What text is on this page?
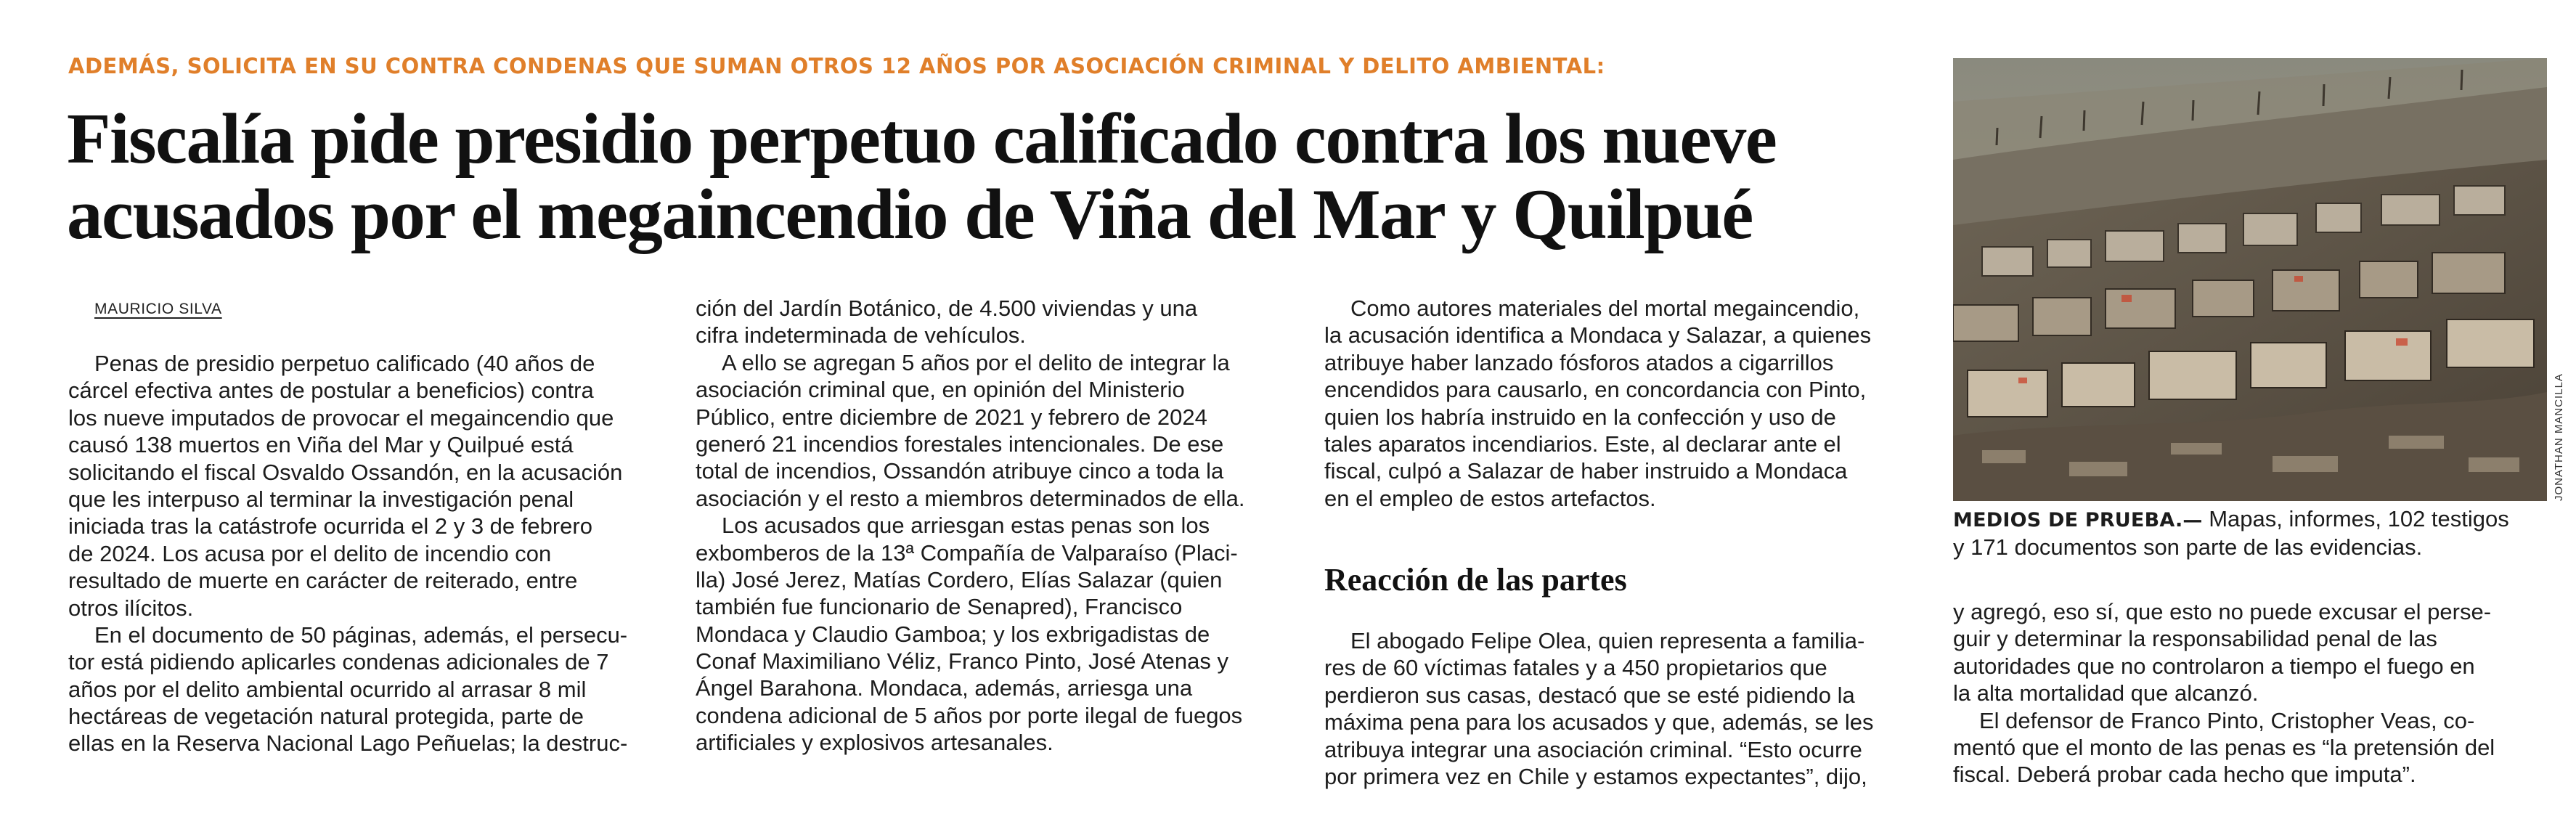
ADEMÁS, SOLICITA EN SU CONTRA CONDENAS QUE SUMAN OTROS 12 AÑOS POR ASOCIACIÓN CRIMINAL Y DELITO AMBIENTAL:
Fiscalía pide presidio perpetuo calificado contra los nueve
acusados por el megaincendio de Viña del Mar y Quilpué
MAURICIO SILVA
Penas de presidio perpetuo calificado (40 años de
cárcel efectiva antes de postular a beneficios) contra
los nueve imputados de provocar el megaincendio que
causó 138 muertos en Viña del Mar y Quilpué está
solicitando el fiscal Osvaldo Ossandón, en la acusación
que les interpuso al terminar la investigación penal
iniciada tras la catástrofe ocurrida el 2 y 3 de febrero
de 2024. Los acusa por el delito de incendio con
resultado de muerte en carácter de reiterado, entre
otros ilícitos.
En el documento de 50 páginas, además, el persecu-
tor está pidiendo aplicarles condenas adicionales de 7
años por el delito ambiental ocurrido al arrasar 8 mil
hectáreas de vegetación natural protegida, parte de
ellas en la Reserva Nacional Lago Peñuelas; la destruc-
ción del Jardín Botánico, de 4.500 viviendas y una
cifra indeterminada de vehículos.
A ello se agregan 5 años por el delito de integrar la
asociación criminal que, en opinión del Ministerio
Público, entre diciembre de 2021 y febrero de 2024
generó 21 incendios forestales intencionales. De ese
total de incendios, Ossandón atribuye cinco a toda la
asociación y el resto a miembros determinados de ella.
Los acusados que arriesgan estas penas son los
exbomberos de la 13ª Compañía de Valparaíso (Placi-
lla) José Jerez, Matías Cordero, Elías Salazar (quien
también fue funcionario de Senapred), Francisco
Mondaca y Claudio Gamboa; y los exbrigadistas de
Conaf Maximiliano Véliz, Franco Pinto, José Atenas y
Ángel Barahona. Mondaca, además, arriesga una
condena adicional de 5 años por porte ilegal de fuegos
artificiales y explosivos artesanales.
Como autores materiales del mortal megaincendio,
la acusación identifica a Mondaca y Salazar, a quienes
atribuye haber lanzado fósforos atados a cigarrillos
encendidos para causarlo, en concordancia con Pinto,
quien los habría instruido en la confección y uso de
tales aparatos incendiarios. Este, al declarar ante el
fiscal, culpó a Salazar de haber instruido a Mondaca
en el empleo de estos artefactos.
Reacción de las partes
El abogado Felipe Olea, quien representa a familia-
res de 60 víctimas fatales y a 450 propietarios que
perdieron sus casas, destacó que se esté pidiendo la
máxima pena para los acusados y que, además, se les
atribuya integrar una asociación criminal. “Esto ocurre
por primera vez en Chile y estamos expectantes”, dijo,
JONATHAN MANCILLA
MEDIOS DE PRUEBA.— Mapas, informes, 102 testigos
y 171 documentos son parte de las evidencias.
y agregó, eso sí, que esto no puede excusar el perse-
guir y determinar la responsabilidad penal de las
autoridades que no controlaron a tiempo el fuego en
la alta mortalidad que alcanzó.
El defensor de Franco Pinto, Cristopher Veas, co-
mentó que el monto de las penas es “la pretensión del
fiscal. Deberá probar cada hecho que imputa”.
